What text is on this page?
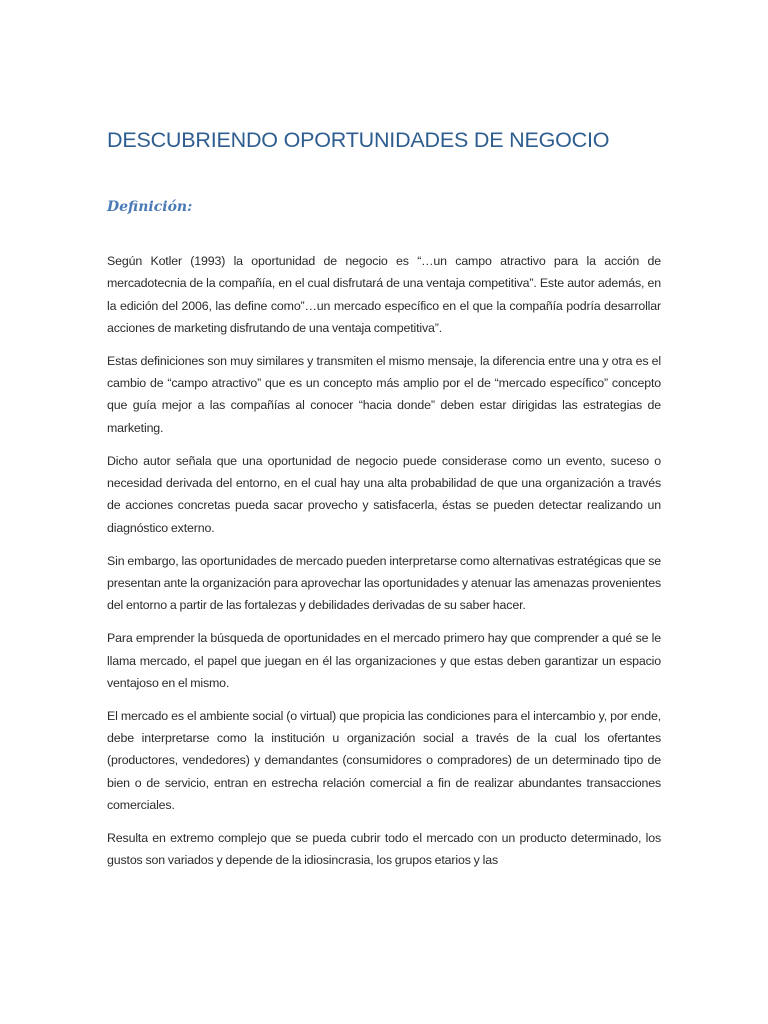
DESCUBRIENDO OPORTUNIDADES DE NEGOCIO
Definición:

Según Kotler (1993) la oportunidad de negocio es “…un campo atractivo para la acción de mercadotecnia de la compañía, en el cual disfrutará de una ventaja competitiva”. Este autor además, en la edición del 2006, las define como”…un mercado específico en el que la compañía podría desarrollar acciones de marketing disfrutando de una ventaja competitiva”.

Estas definiciones son muy similares y transmiten el mismo mensaje, la diferencia entre una y otra es el cambio de “campo atractivo” que es un concepto más amplio por el de “mercado específico” concepto que guía mejor a las compañías al conocer “hacia donde” deben estar dirigidas las estrategias de marketing.

Dicho autor señala que una oportunidad de negocio puede considerase como un evento, suceso o necesidad derivada del entorno, en el cual hay una alta probabilidad de que una organización a través de acciones concretas pueda sacar provecho y satisfacerla, éstas se pueden detectar realizando un diagnóstico externo.

Sin embargo, las oportunidades de mercado pueden interpretarse como alternativas estratégicas que se presentan ante la organización para aprovechar las oportunidades y atenuar las amenazas provenientes del entorno a partir de las fortalezas y debilidades derivadas de su saber hacer.

Para emprender la búsqueda de oportunidades en el mercado primero hay que comprender a qué se le llama mercado, el papel que juegan en él las organizaciones y que estas deben garantizar un espacio ventajoso en el mismo.

El mercado es el ambiente social (o virtual) que propicia las condiciones para el intercambio y, por ende, debe interpretarse como la institución u organización social a través de la cual los ofertantes (productores, vendedores) y demandantes (consumidores o compradores) de un determinado tipo de bien o de servicio, entran en estrecha relación comercial a fin de realizar abundantes transacciones comerciales.

Resulta en extremo complejo que se pueda cubrir todo el mercado con un producto determinado, los gustos son variados y depende de la idiosincrasia, los grupos etarios y las
